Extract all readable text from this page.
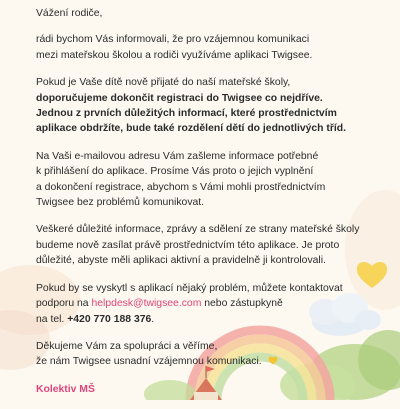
Vážení rodiče,

rádi bychom Vás informovali, že pro vzájemnou komunikaci
mezi mateřskou školou a rodiči využíváme aplikaci Twigsee.

Pokud je Vaše dítě nově přijaté do naší mateřské školy,
doporučujeme dokončit registraci do Twigsee co nejdříve.
Jednou z prvních důležitých informací, které prostřednictvím
aplikace obdržíte, bude také rozdělení dětí do jednotlivých tříd.

Na Vaši e-mailovou adresu Vám zašleme informace potřebné
k přihlášení do aplikace. Prosíme Vás proto o jejich vyplnění
a dokončení registrace, abychom s Vámi mohli prostřednictvím
Twigsee bez problémů komunikovat.

Veškeré důležité informace, zprávy a sdělení ze strany mateřské školy
budeme nově zasílat právě prostřednictvím této aplikace. Je proto
důležité, abyste měli aplikaci aktivní a pravidelně ji kontrolovali.

Pokud by se vyskytl s aplikací nějaký problém, můžete kontaktovat
podporu na helpdesk@twigsee.com nebo zástupkyně
na tel. +420 770 188 376.

Děkujeme Vám za spolupráci a věříme,
že nám Twigsee usnadní vzájemnou komunikaci.

Kolektiv MŠ
